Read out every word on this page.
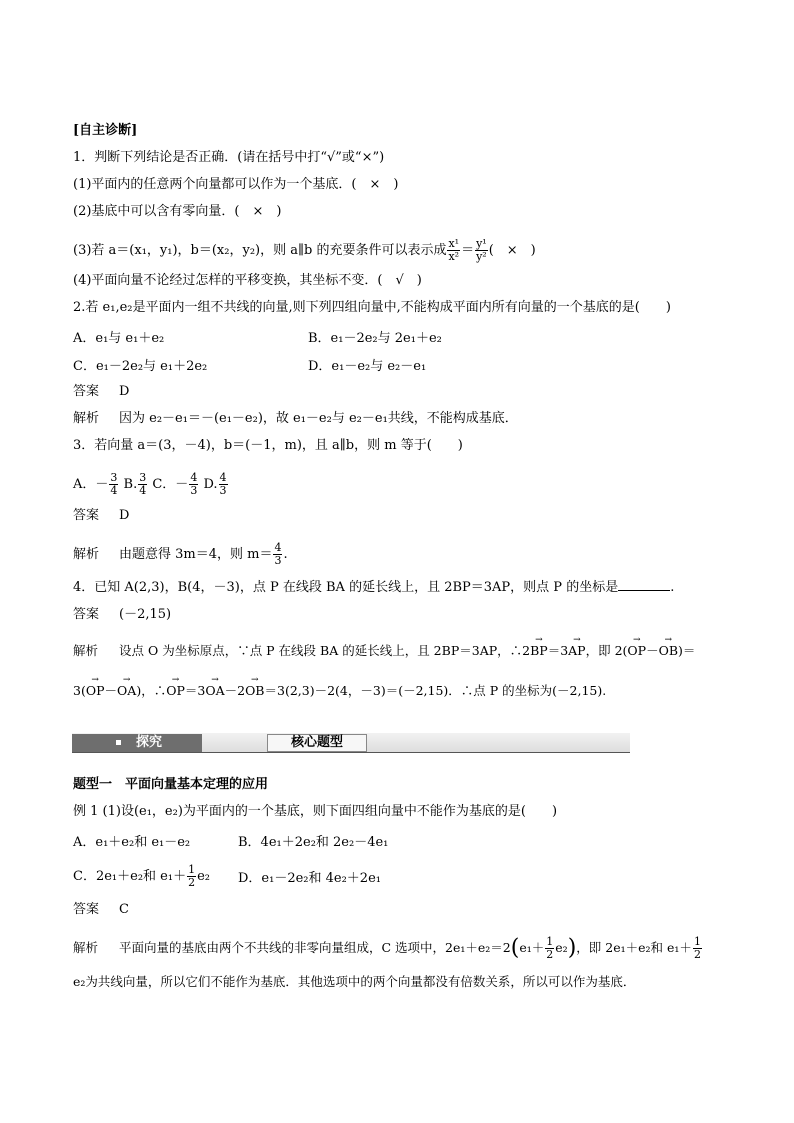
[自主诊断]
1．判断下列结论是否正确．(请在括号中打“√”或“×”)
(1)平面内的任意两个向量都可以作为一个基底．(　×　)
(2)基底中可以含有零向量．(　×　)
(3)若 a＝(x₁，y₁)，b＝(x₂，y₂)，则 a∥b 的充要条件可以表示成 $\frac{\text{x¹}}{\text{x²}} = \frac{\text{y¹}}{\text{y²}}$ (　×　)
(4)平面向量不论经过怎样的平移变换，其坐标不变．(　√　)
2.若 e₁,e₂是平面内一组不共线的向量,则下列四组向量中,不能构成平面内所有向量的一个基底的是(　　)
A．e₁与 e₁＋e₂	B．e₁－2e₂与 2e₁＋e₂
C．e₁－2e₂与 e₁＋2e₂	D．e₁－e₂与 e₂－e₁
答案 D
解析 因为 e₂－e₁＝－(e₁－e₂)，故 e₁－e₂与 e₂－e₁共线，不能构成基底．
3．若向量 a＝(3，－4)，b＝(－1，m)，且 a∥b，则 m 等于(　　)
A．－ $\frac{3}{4} B$. $\frac{3}{4}$ C．－ $\frac{4}{3} D$. $\frac{4}{3}$
答案 D
解析 由题意得 3m＝4，则 $m= \frac{4}{3}$ .
4．已知 A(2,3)，B(4，－3)，点 P 在线段 BA 的延长线上，且 2BP＝3AP，则点 P 的坐标是	.
答案 (－2,15)
解析 设点 O 为坐标原点，∵点 P 在线段 BA 的延长线上，且 2BP＝3AP，∴2→ BP＝3→ AP，即 2(→ OP－→ OB)＝
3(→ OP－→ OA)，∴→ OP＝3→ OA－2→ OB＝3(2,3)－2(4，－3)＝(－2,15)．∴点 P 的坐标为(－2,15).
探究	核心题型
题型一　平面向量基本定理的应用
例 1 (1)设(e₁，e₂)为平面内的一个基底，则下面四组向量中不能作为基底的是(　　)
A．e₁＋e₂和 e₁－e₂	B．4e₁＋2e₂和 2e₂－4e₁
C．2e₁＋e₂和 $e_1+ \frac{1}{2} e_2$ D．e₁－2e₂和 4e₂＋2e₁
答案 C
解析 平面向量的基底由两个不共线的非零向量组成，C 选项中，$2e_1+e_2=2(e_1+ \frac{1}{2} e_2)$，即 2e₁＋e₂和 $e_1+ \frac{1}{2}$
e₂为共线向量，所以它们不能作为基底．其他选项中的两个向量都没有倍数关系，所以可以作为基底．
